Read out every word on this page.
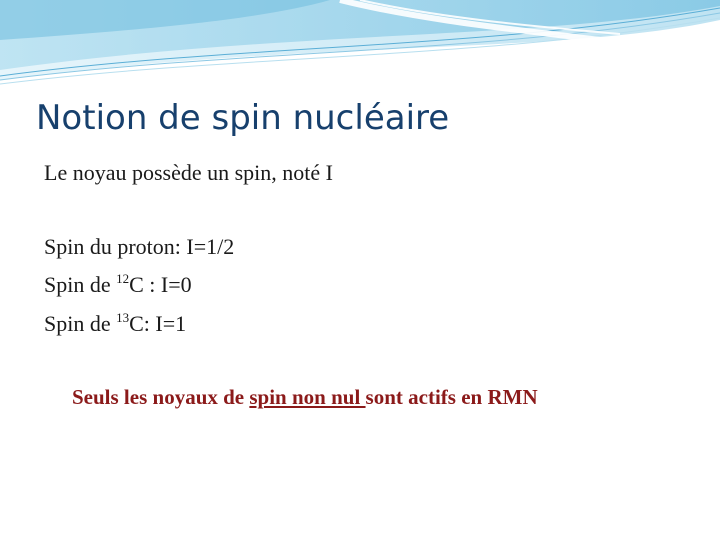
Notion de spin nucléaire
Le noyau possède un spin, noté I
Spin du proton: I=1/2
Spin de $^{12}$C : I=0
Spin de $^{13}$C: I=1
Seuls les noyaux de spin non nul sont actifs en RMN
